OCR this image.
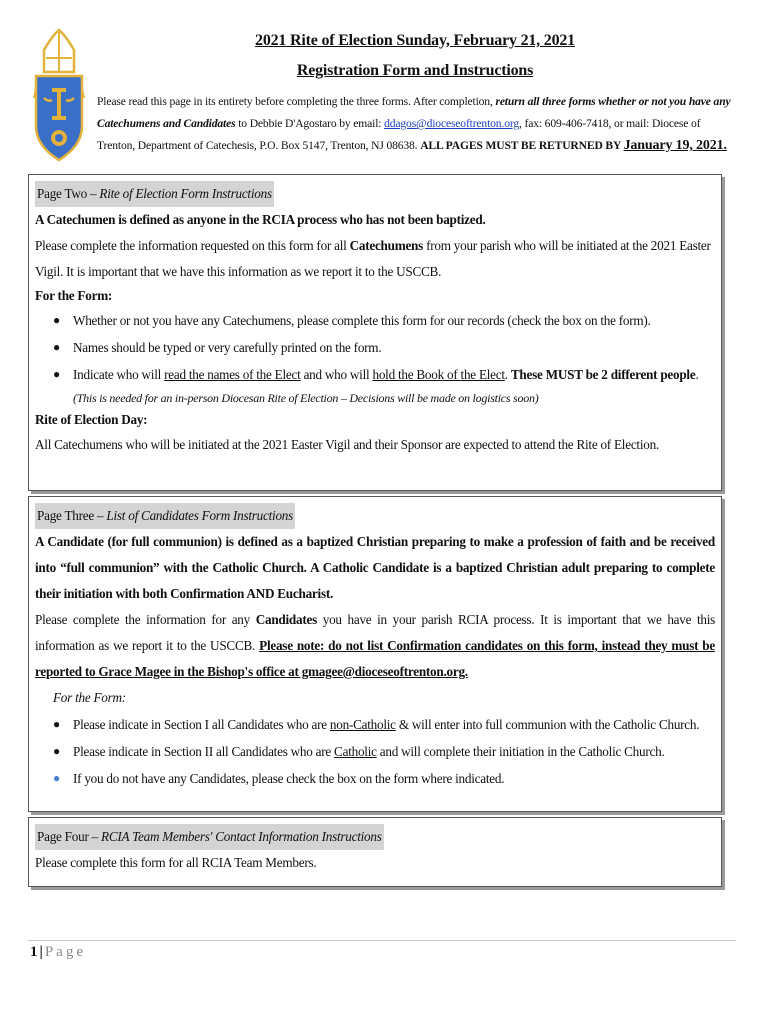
2021 Rite of Election Sunday, February 21, 2021
Registration Form and Instructions
Please read this page in its entirety before completing the three forms. After completion, return all three forms whether or not you have any Catechumens and Candidates to Debbie D'Agostaro by email: ddagos@dioceseoftrenton.org, fax: 609-406-7418, or mail: Diocese of Trenton, Department of Catechesis, P.O. Box 5147, Trenton, NJ 08638. ALL PAGES MUST BE RETURNED BY January 19, 2021.
Page Two – Rite of Election Form Instructions
A Catechumen is defined as anyone in the RCIA process who has not been baptized.
Please complete the information requested on this form for all Catechumens from your parish who will be initiated at the 2021 Easter
Vigil. It is important that we have this information as we report it to the USCCB.
For the Form:
● Whether or not you have any Catechumens, please complete this form for our records (check the box on the form).
● Names should be typed or very carefully printed on the form.
● Indicate who will read the names of the Elect and who will hold the Book of the Elect. These MUST be 2 different people.
(This is needed for an in-person Diocesan Rite of Election – Decisions will be made on logistics soon)
Rite of Election Day:
All Catechumens who will be initiated at the 2021 Easter Vigil and their Sponsor are expected to attend the Rite of Election.
Page Three – List of Candidates Form Instructions
A Candidate (for full communion) is defined as a baptized Christian preparing to make a profession of faith and be received into “full communion” with the Catholic Church. A Catholic Candidate is a baptized Christian adult preparing to complete their initiation with both Confirmation AND Eucharist.
Please complete the information for any Candidates you have in your parish RCIA process. It is important that we have this information as we report it to the USCCB. Please note: do not list Confirmation candidates on this form, instead they must be reported to Grace Magee in the Bishop's office at gmagee@dioceseoftrenton.org.
For the Form:
● Please indicate in Section I all Candidates who are non-Catholic & will enter into full communion with the Catholic Church.
● Please indicate in Section II all Candidates who are Catholic and will complete their initiation in the Catholic Church.
● If you do not have any Candidates, please check the box on the form where indicated.
Page Four – RCIA Team Members' Contact Information Instructions
Please complete this form for all RCIA Team Members.
1 | Page
